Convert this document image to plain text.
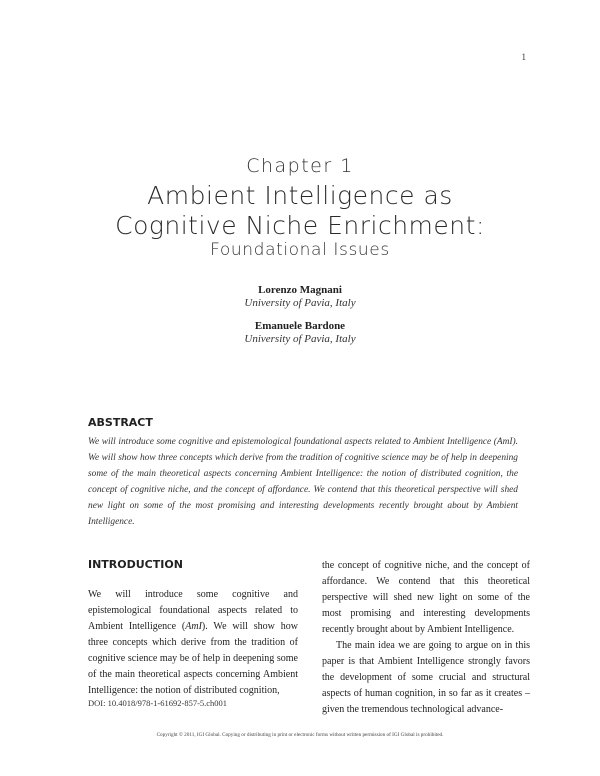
1
Chapter 1
Ambient Intelligence as
Cognitive Niche Enrichment:
Foundational Issues
Lorenzo Magnani
University of Pavia, Italy
Emanuele Bardone
University of Pavia, Italy
ABSTRACT

We will introduce some cognitive and epistemological foundational aspects related to Ambient Intelligence (AmI). We will show how three concepts which derive from the tradition of cognitive science may be of help in deepening some of the main theoretical aspects concerning Ambient Intelligence: the notion of distributed cognition, the concept of cognitive niche, and the concept of affordance. We contend that this theoretical perspective will shed new light on some of the most promising and interesting developments recently brought about by Ambient Intelligence.

INTRODUCTION

We will introduce some cognitive and epistemological foundational aspects related to Ambient Intelligence (AmI). We will show how three concepts which derive from the tradition of cognitive science may be of help in deepening some of the main theoretical aspects concerning Ambient Intelligence: the notion of distributed cognition,

the concept of cognitive niche, and the concept of affordance. We contend that this theoretical perspective will shed new light on some of the most promising and interesting developments recently brought about by Ambient Intelligence.

The main idea we are going to argue on in this paper is that Ambient Intelligence strongly favors the development of some crucial and structural aspects of human cognition, in so far as it creates – given the tremendous technological advance-

DOI: 10.4018/978-1-61692-857-5.ch001
Copyright © 2011, IGI Global. Copying or distributing in print or electronic forms without written permission of IGI Global is prohibited.
